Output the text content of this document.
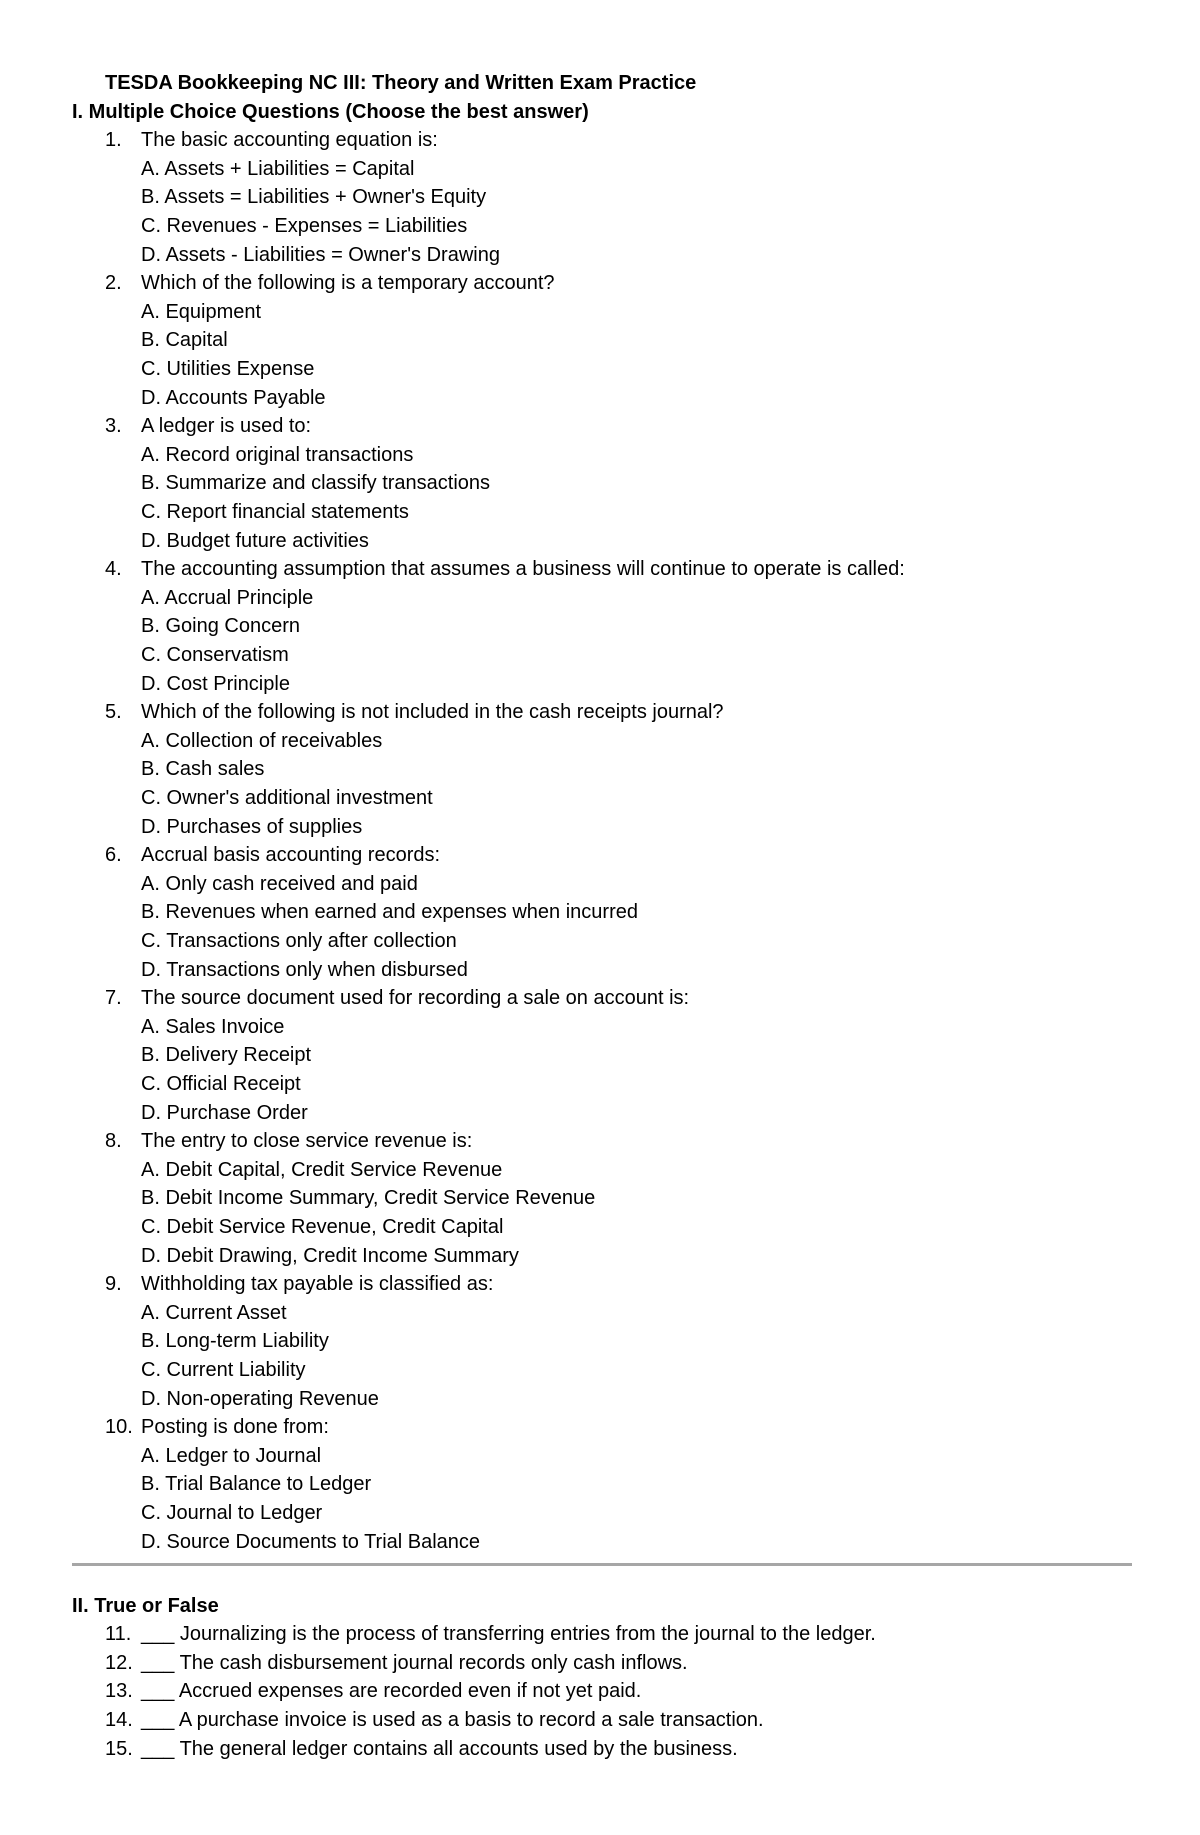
TESDA Bookkeeping NC III: Theory and Written Exam Practice
I. Multiple Choice Questions (Choose the best answer)
1. The basic accounting equation is:
A. Assets + Liabilities = Capital
B. Assets = Liabilities + Owner's Equity
C. Revenues - Expenses = Liabilities
D. Assets - Liabilities = Owner's Drawing
2. Which of the following is a temporary account?
A. Equipment
B. Capital
C. Utilities Expense
D. Accounts Payable
3. A ledger is used to:
A. Record original transactions
B. Summarize and classify transactions
C. Report financial statements
D. Budget future activities
4. The accounting assumption that assumes a business will continue to operate is called:
A. Accrual Principle
B. Going Concern
C. Conservatism
D. Cost Principle
5. Which of the following is not included in the cash receipts journal?
A. Collection of receivables
B. Cash sales
C. Owner's additional investment
D. Purchases of supplies
6. Accrual basis accounting records:
A. Only cash received and paid
B. Revenues when earned and expenses when incurred
C. Transactions only after collection
D. Transactions only when disbursed
7. The source document used for recording a sale on account is:
A. Sales Invoice
B. Delivery Receipt
C. Official Receipt
D. Purchase Order
8. The entry to close service revenue is:
A. Debit Capital, Credit Service Revenue
B. Debit Income Summary, Credit Service Revenue
C. Debit Service Revenue, Credit Capital
D. Debit Drawing, Credit Income Summary
9. Withholding tax payable is classified as:
A. Current Asset
B. Long-term Liability
C. Current Liability
D. Non-operating Revenue
10. Posting is done from:
A. Ledger to Journal
B. Trial Balance to Ledger
C. Journal to Ledger
D. Source Documents to Trial Balance
II. True or False
11. ___ Journalizing is the process of transferring entries from the journal to the ledger.
12. ___ The cash disbursement journal records only cash inflows.
13. ___ Accrued expenses are recorded even if not yet paid.
14. ___ A purchase invoice is used as a basis to record a sale transaction.
15. ___ The general ledger contains all accounts used by the business.
